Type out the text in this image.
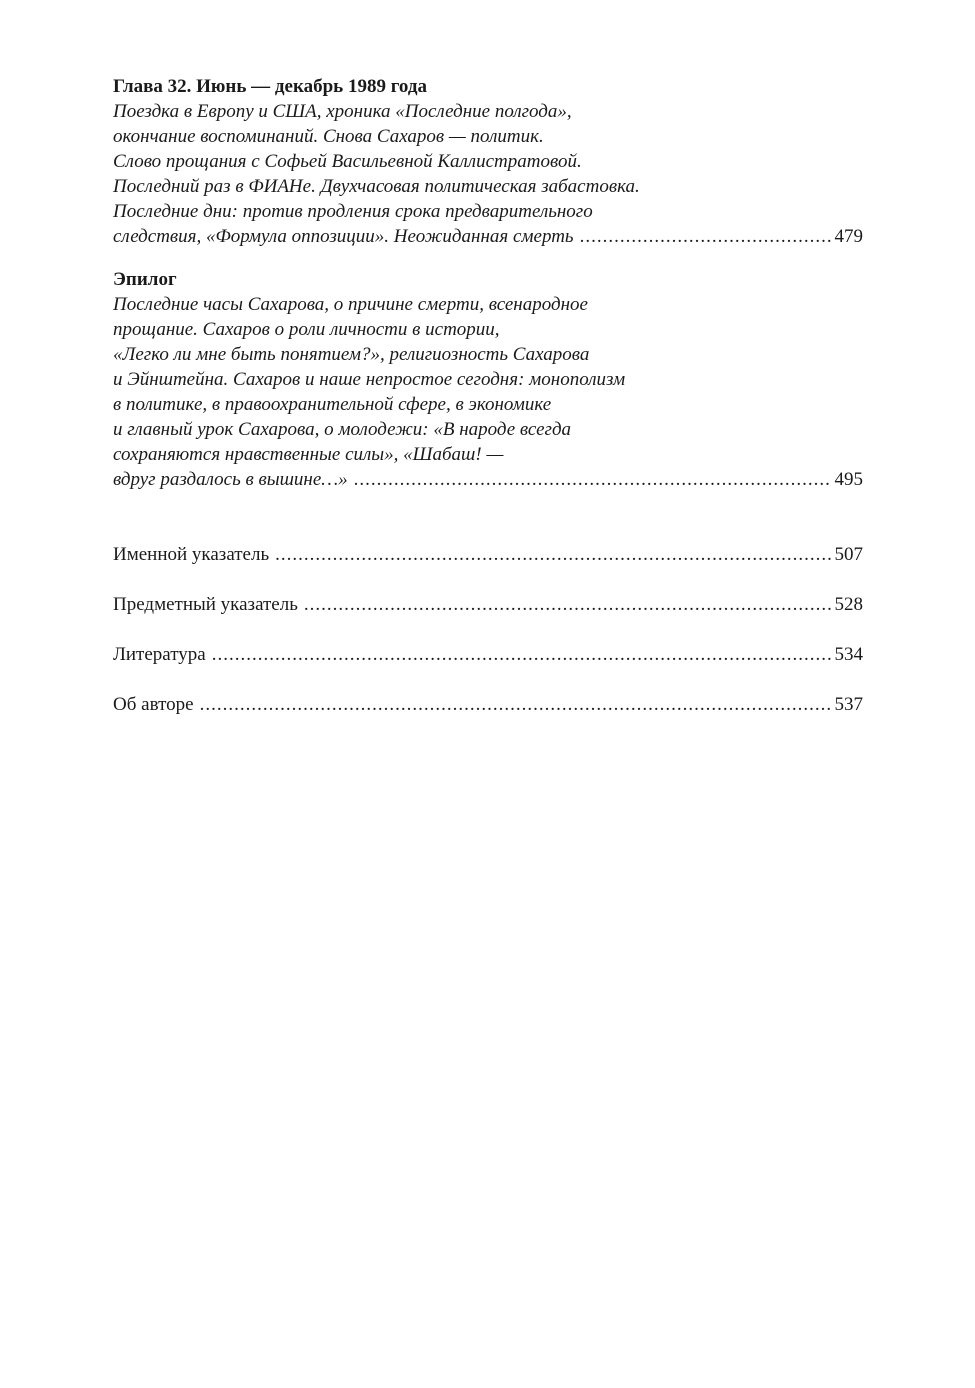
Глава 32. Июнь — декабрь 1989 года
Поездка в Европу и США, хроника «Последние полгода»,
окончание воспоминаний. Снова Сахаров — политик.
Слово прощания с Софьей Васильевной Каллистратовой.
Последний раз в ФИАНе. Двухчасовая политическая забастовка.
Последние дни: против продления срока предварительного
следствия, «Формула оппозиции». Неожиданная смерть .....	479
Эпилог
Последние часы Сахарова, о причине смерти, всенародное
прощание. Сахаров о роли личности в истории,
«Легко ли мне быть понятием?», религиозность Сахарова
и Эйнштейна. Сахаров и наше непростое сегодня: монополизм
в политике, в правоохранительной сфере, в экономике
и главный урок Сахарова, о молодежи: «В народе всегда
сохраняются нравственные силы», «Шабаш! —
вдруг раздалось в вышине…» .....	495
Именной указатель .....	507
Предметный указатель .....	528
Литература .....	534
Об авторе .....	537
